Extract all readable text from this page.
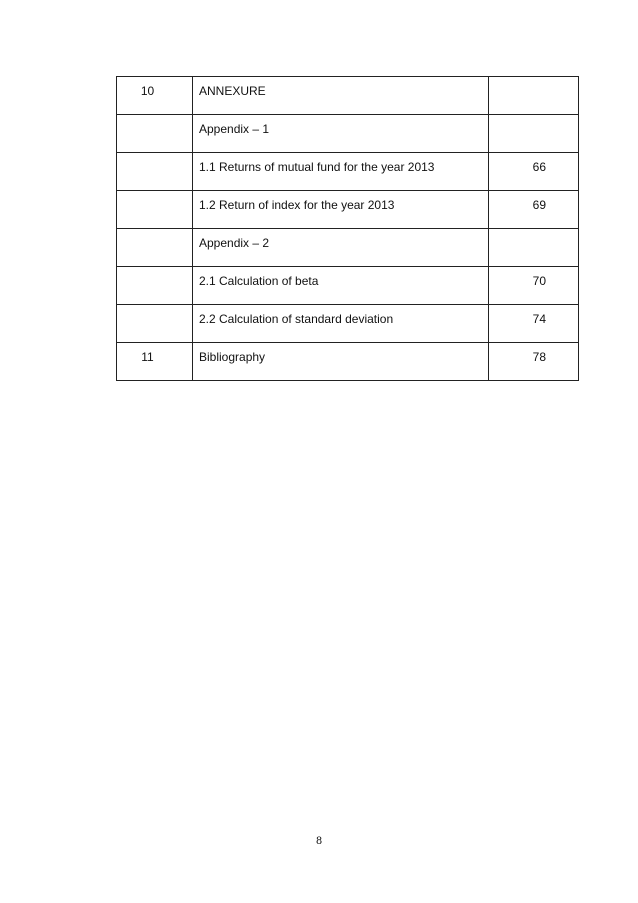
10	ANNEXURE	
	Appendix – 1	
	1.1 Returns of mutual fund for the year 2013	66
	1.2 Return of index for the year 2013	69
	Appendix – 2	
	2.1 Calculation of beta	70
	2.2 Calculation of standard deviation	74
11	Bibliography	78
8
